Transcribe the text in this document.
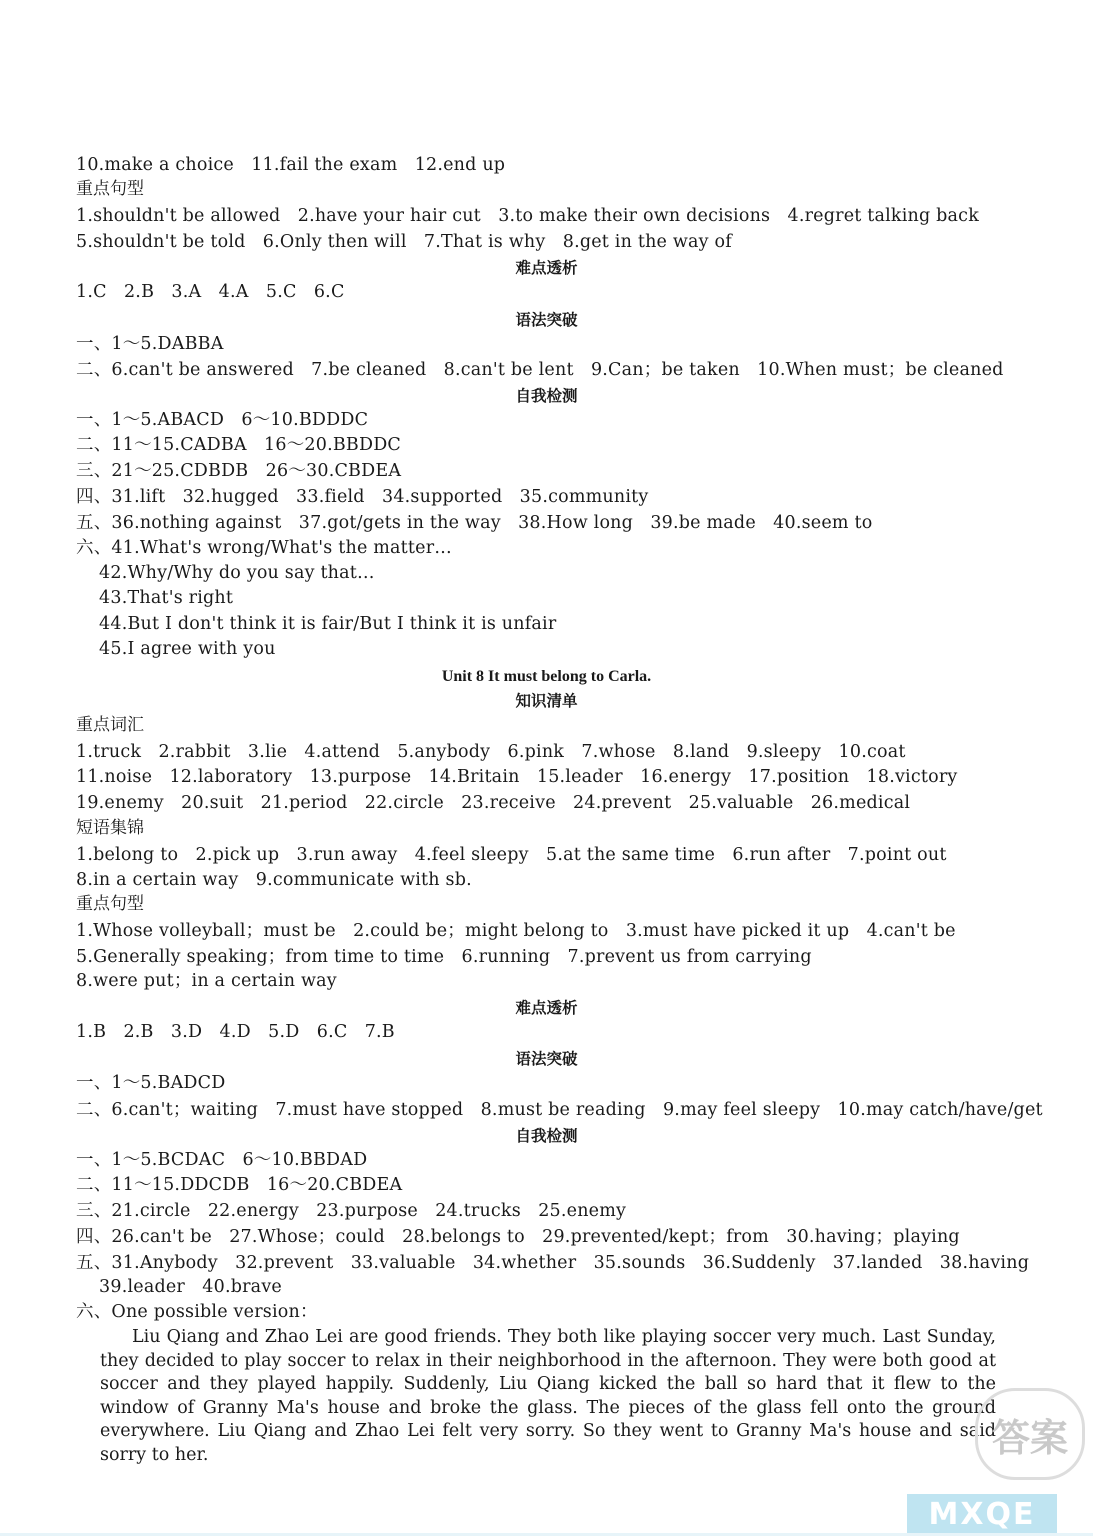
10.make a choice   11.fail the exam   12.end up
重点句型
1.shouldn't be allowed   2.have your hair cut   3.to make their own decisions   4.regret talking back
5.shouldn't be told   6.Only then will   7.That is why   8.get in the way of
难点透析
1.C   2.B   3.A   4.A   5.C   6.C
语法突破
一、1～5.DABBA
二、6.can't be answered   7.be cleaned   8.can't be lent   9.Can；be taken   10.When must；be cleaned
自我检测
一、1～5.ABACD   6～10.BDDDC
二、11～15.CADBA   16～20.BBDDC
三、21～25.CDBDB   26～30.CBDEA
四、31.lift   32.hugged   33.field   34.supported   35.community
五、36.nothing against   37.got/gets in the way   38.How long   39.be made   40.seem to
六、41.What's wrong/What's the matter…
42.Why/Why do you say that…
43.That's right
44.But I don't think it is fair/But I think it is unfair
45.I agree with you
Unit 8 It must belong to Carla.
知识清单
重点词汇
1.truck   2.rabbit   3.lie   4.attend   5.anybody   6.pink   7.whose   8.land   9.sleepy   10.coat
11.noise   12.laboratory   13.purpose   14.Britain   15.leader   16.energy   17.position   18.victory
19.enemy   20.suit   21.period   22.circle   23.receive   24.prevent   25.valuable   26.medical
短语集锦
1.belong to   2.pick up   3.run away   4.feel sleepy   5.at the same time   6.run after   7.point out
8.in a certain way   9.communicate with sb.
重点句型
1.Whose volleyball；must be   2.could be；might belong to   3.must have picked it up   4.can't be
5.Generally speaking；from time to time   6.running   7.prevent us from carrying
8.were put；in a certain way
难点透析
1.B   2.B   3.D   4.D   5.D   6.C   7.B
语法突破
一、1～5.BADCD
二、6.can't；waiting   7.must have stopped   8.must be reading   9.may feel sleepy   10.may catch/have/get
自我检测
一、1～5.BCDAC   6～10.BBDAD
二、11～15.DDCDB   16～20.CBDEA
三、21.circle   22.energy   23.purpose   24.trucks   25.enemy
四、26.can't be   27.Whose；could   28.belongs to   29.prevented/kept；from   30.having；playing
五、31.Anybody   32.prevent   33.valuable   34.whether   35.sounds   36.Suddenly   37.landed   38.having
39.leader   40.brave
六、One possible version：
Liu Qiang and Zhao Lei are good friends. They both like playing soccer very much. Last Sunday, they decided to play soccer to relax in their neighborhood in the afternoon. They were both good at soccer and they played happily. Suddenly, Liu Qiang kicked the ball so hard that it flew to the window of Granny Ma's house and broke the glass. The pieces of the glass fell onto the ground everywhere. Liu Qiang and Zhao Lei felt very sorry. So they went to Granny Ma's house and said sorry to her.	答案
MXQE
